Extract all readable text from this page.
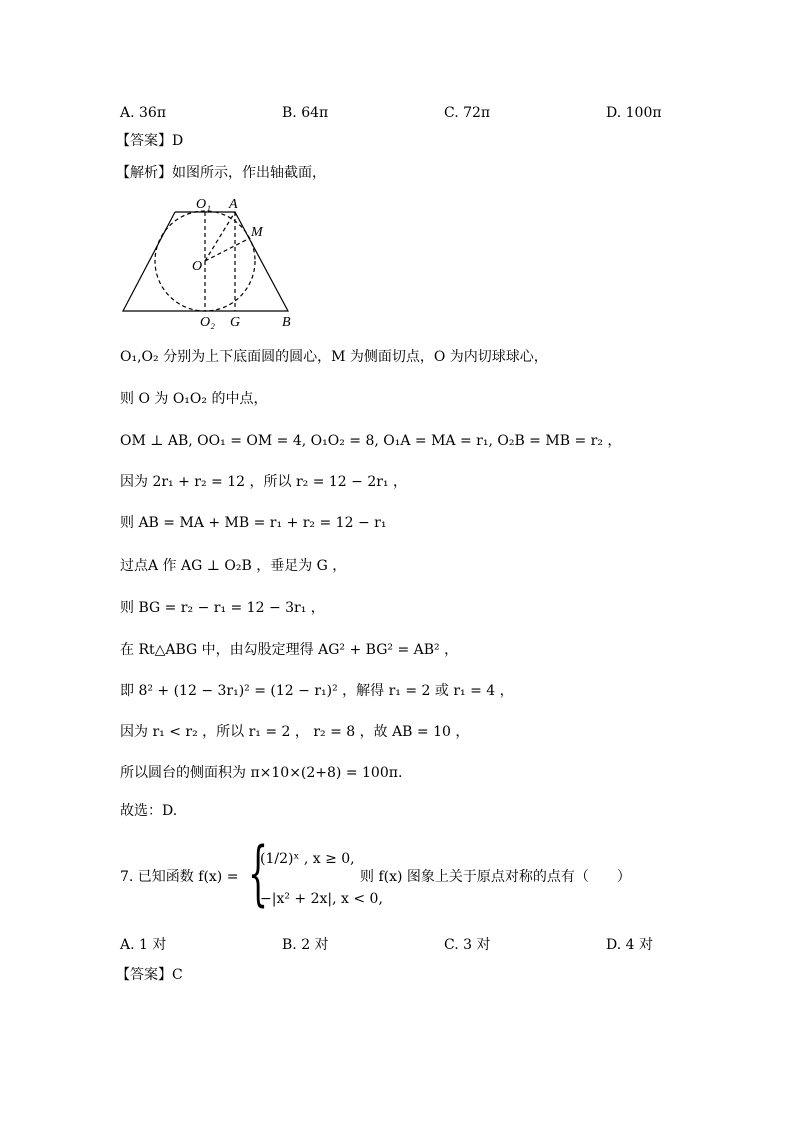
A. 36π	B. 64π	C. 72π	D. 100π
【答案】D
【解析】如图所示，作出轴截面，
O₁ A
M
O
O₂ G	B
O₁,O₂ 分别为上下底面圆的圆心，M 为侧面切点，O 为内切球球心，
则 O 为 O₁O₂ 的中点，
OM ⊥ AB, OO₁ = OM = 4, O₁O₂ = 8, O₁A = MA = r₁, O₂B = MB = r₂ ，
因为 2r₁ + r₂ = 12 ，所以 r₂ = 12 − 2r₁ ，
则 AB = MA + MB = r₁ + r₂ = 12 − r₁
过点A 作 AG ⊥ O₂B ，垂足为 G ，
则 BG = r₂ − r₁ = 12 − 3r₁ ，
在 Rt△ABG 中，由勾股定理得 AG² + BG² = AB² ，
即 8² + (12 − 3r₁)² = (12 − r₁)² ，解得 r₁ = 2 或 r₁ = 4 ，
因为 r₁ < r₂ ，所以 r₁ = 2 ， r₂ = 8 ，故 AB = 10 ，
所以圆台的侧面积为 π×10×(2+8) = 100π.
故选：D.
7. 已知函数 f(x) = {
(1/2)ˣ , x ≥ 0,
−|x² + 2x|, x < 0,
则 f(x) 图象上关于原点对称的点有（　　）
A. 1 对	B. 2 对	C. 3 对	D. 4 对
【答案】C
